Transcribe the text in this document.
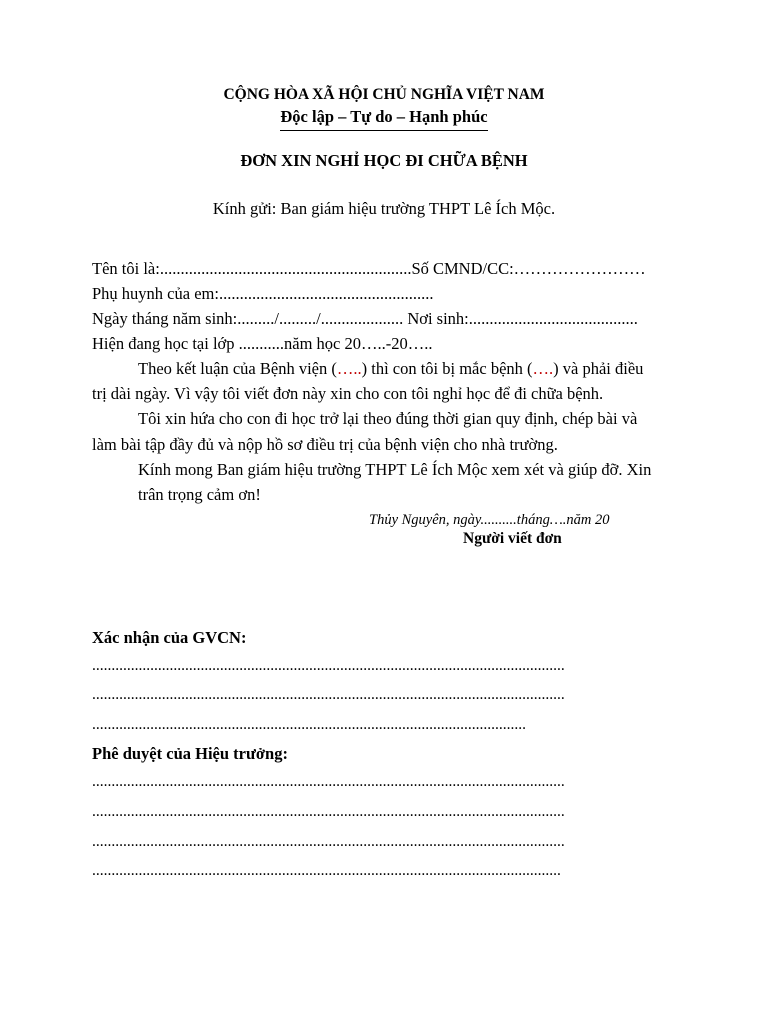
CỘNG HÒA XÃ HỘI CHỦ NGHĨA VIỆT NAM
Độc lập – Tự do – Hạnh phúc
ĐƠN XIN NGHỈ HỌC ĐI CHỮA BỆNH
Kính gửi: Ban giám hiệu trường THPT Lê Ích Mộc.
Tên tôi là:.............................................................Số CMND/CC:……………………
Phụ huynh của em:....................................................
Ngày tháng năm sinh:........./........./.................... Nơi sinh:.........................................
Hiện đang học tại lớp ...........năm học 20…..-20…..
Theo kết luận của Bệnh viện (…..) thì con tôi bị mắc bệnh (….) và phải điều
trị dài ngày. Vì vậy tôi viết đơn này xin cho con tôi nghỉ học để đi chữa bệnh.
Tôi xin hứa cho con đi học trở lại theo đúng thời gian quy định, chép bài và
làm bài tập đầy đủ và nộp hồ sơ điều trị của bệnh viện cho nhà trường.
Kính mong Ban giám hiệu trường THPT Lê Ích Mộc xem xét và giúp đỡ. Xin
trân trọng cảm ơn!
Thủy Nguyên, ngày..........tháng….năm 20
Người viết đơn
Xác nhận của GVCN:
..........................................................................................................................
..........................................................................................................................
................................................................................................................
Phê duyệt của Hiệu trưởng:
..........................................................................................................................
..........................................................................................................................
..........................................................................................................................
.........................................................................................................................
